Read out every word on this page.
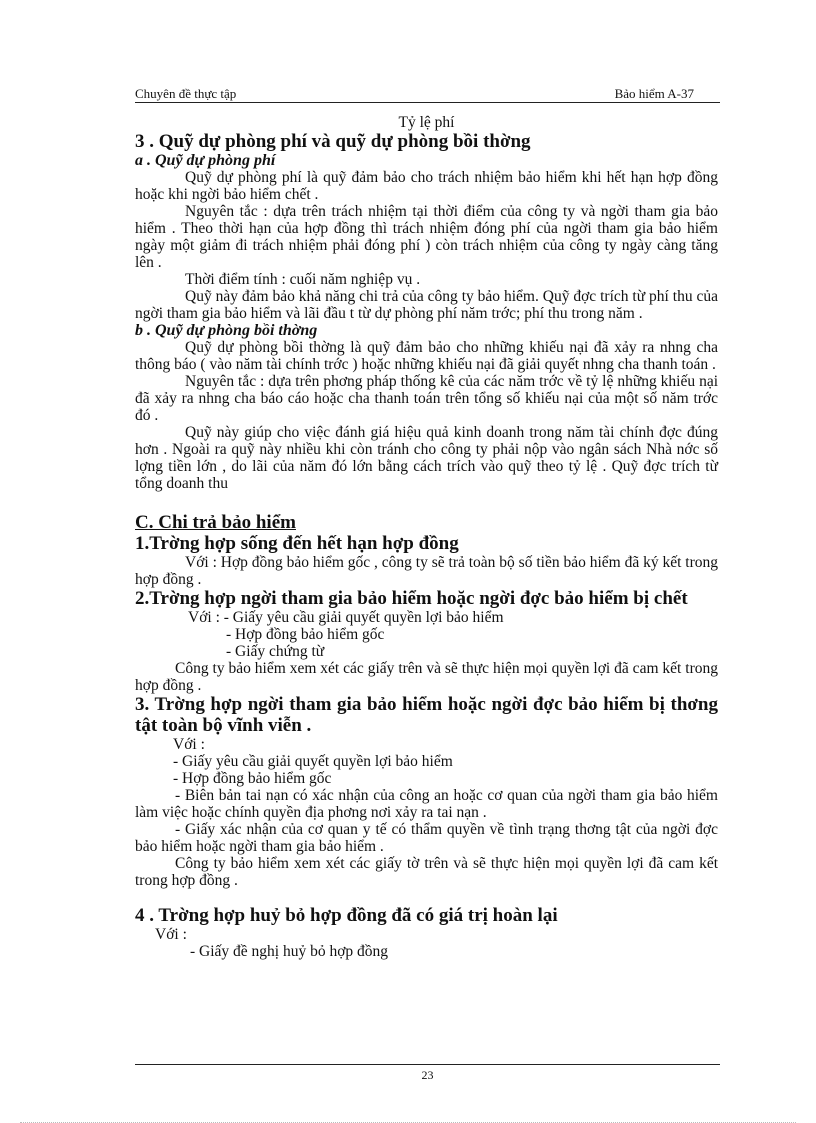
Chuyên đề thực tập	Bảo hiểm A-37

Tỷ lệ phí

3 . Quỹ dự phòng phí và quỹ dự phòng bồi thờng

a . Quỹ dự phòng phí

Quỹ dự phòng phí là quỹ đảm bảo cho trách nhiệm bảo hiểm khi hết hạn hợp đồng hoặc khi ngời bảo hiểm chết .

Nguyên tắc : dựa trên trách nhiệm tại thời điểm của công ty và ngời tham gia bảo hiểm . Theo thời hạn của hợp đồng thì trách nhiệm đóng phí của ngời tham gia bảo hiểm ngày một giảm đi trách nhiệm phải đóng phí ) còn trách nhiệm của công ty ngày càng tăng lên .

Thời điểm tính : cuối năm nghiệp vụ .

Quỹ này đảm bảo khả năng chi trả của công ty bảo hiểm. Quỹ đợc trích từ phí thu của ngời tham gia bảo hiểm và lãi đầu t từ dự phòng phí năm trớc; phí thu trong năm .

b . Quỹ dự phòng bồi thờng

Quỹ dự phòng bồi thờng là quỹ đảm bảo cho những khiếu nại đã xảy ra nhng cha thông báo ( vào năm tài chính trớc ) hoặc những khiếu nại đã giải quyết nhng cha thanh toán .

Nguyên tắc : dựa trên phơng pháp thống kê của các năm trớc về tỷ lệ những khiếu nại đã xảy ra nhng cha báo cáo hoặc cha thanh toán trên tổng số khiếu nại của một số năm trớc đó .

Quỹ này giúp cho việc đánh giá hiệu quả kinh doanh trong năm tài chính đợc đúng hơn . Ngoài ra quỹ này nhiều khi còn tránh cho công ty phải nộp vào ngân sách Nhà nớc số lợng tiền lớn , do lãi của năm đó lớn bằng cách trích vào quỹ theo tỷ lệ . Quỹ đợc trích từ tổng doanh thu

C. Chi trả bảo hiểm

1.Trờng hợp sống đến hết hạn hợp đồng

Với : Hợp đồng bảo hiểm gốc , công ty sẽ trả toàn bộ số tiền bảo hiểm đã ký kết trong hợp đồng .

2.Trờng hợp ngời tham gia bảo hiểm hoặc ngời đợc bảo hiểm bị chết

Với : - Giấy yêu cầu giải quyết quyền lợi bảo hiểm

- Hợp đồng bảo hiểm gốc

- Giấy chứng từ

Công ty bảo hiểm xem xét các giấy trên và sẽ thực hiện mọi quyền lợi đã cam kết trong hợp đồng .

3. Trờng hợp ngời tham gia bảo hiểm hoặc ngời đợc bảo hiểm bị thơng tật toàn bộ vĩnh viễn .

Với :

- Giấy yêu cầu giải quyết quyền lợi bảo hiểm

- Hợp đồng bảo hiểm gốc

- Biên bản tai nạn có xác nhận của công an hoặc cơ quan của ngời tham gia bảo hiểm làm việc hoặc chính quyền địa phơng nơi xảy ra tai nạn .

- Giấy xác nhận của cơ quan y tế có thẩm quyền về tình trạng thơng tật của ngời đợc bảo hiểm hoặc ngời tham gia bảo hiểm .

Công ty bảo hiểm xem xét các giấy tờ trên và sẽ thực hiện mọi quyền lợi đã cam kết trong hợp đồng .

4 . Trờng hợp huỷ bỏ hợp đồng đã có giá trị hoàn lại

Với :

- Giấy đề nghị huỷ bỏ hợp đồng

23
